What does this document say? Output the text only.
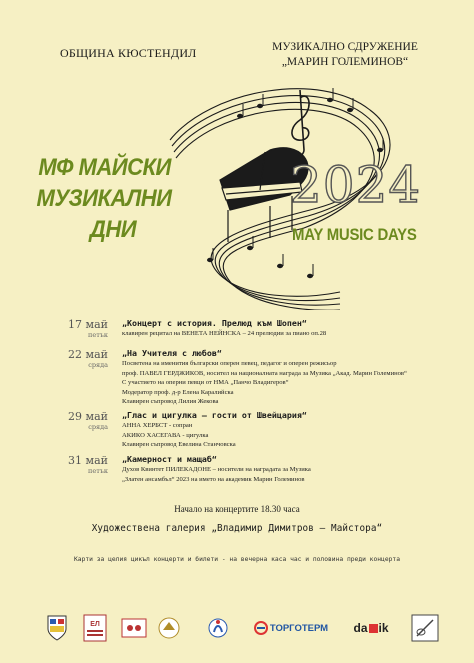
ОБЩИНА КЮСТЕНДИЛ	МУЗИКАЛНО СДРУЖЕНИЕ
„МАРИН ГОЛЕМИНОВ“
МФ МАЙСКИ
МУЗИКАЛНИ
ДНИ
2024
MAY MUSIC DAYS
17 май
петък
„Концерт с история. Прелюд към Шопен“
клавирен рецитал на ВЕНЕТА НЕЙНСКА – 24 прелюдии за пиано оп.28
22 май
сряда
„На Учителя с любов“
Посветена на именития български оперен певец, педагог и оперен режисьор
проф. ПАВЕЛ ГЕРДЖИКОВ, носител на националната награда за Музика „Акад. Марин Големинов“
С участието на оперни певци от НМА „Панчо Владигеров“
Модератор проф. д-р Елена Каралийска
Клавирен съпровод Лилия Жекова
29 май
сряда
„Глас и цигулка – гости от Швейцария“
АННА ХЕРБСТ - сопран
АКИКО ХАСЕГАВА - цигулка
Клавирен съпровод Евелина Станчовска
31 май
петък
„Камерност и мащаб“
Духов Квинтет ПИЛЕКАДОНЕ – носители на наградата за Музика
„Златен ансамбъл“ 2023 на името на академик Марин Големинов
Начало на концертите 18.30 часа
Художествена галерия „Владимир Димитров – Майстора“
Карти за целия цикъл концерти и билети - на вечерна каса час и половина преди концерта
ЕЛ	ТОРГОТЕРМ da ik
